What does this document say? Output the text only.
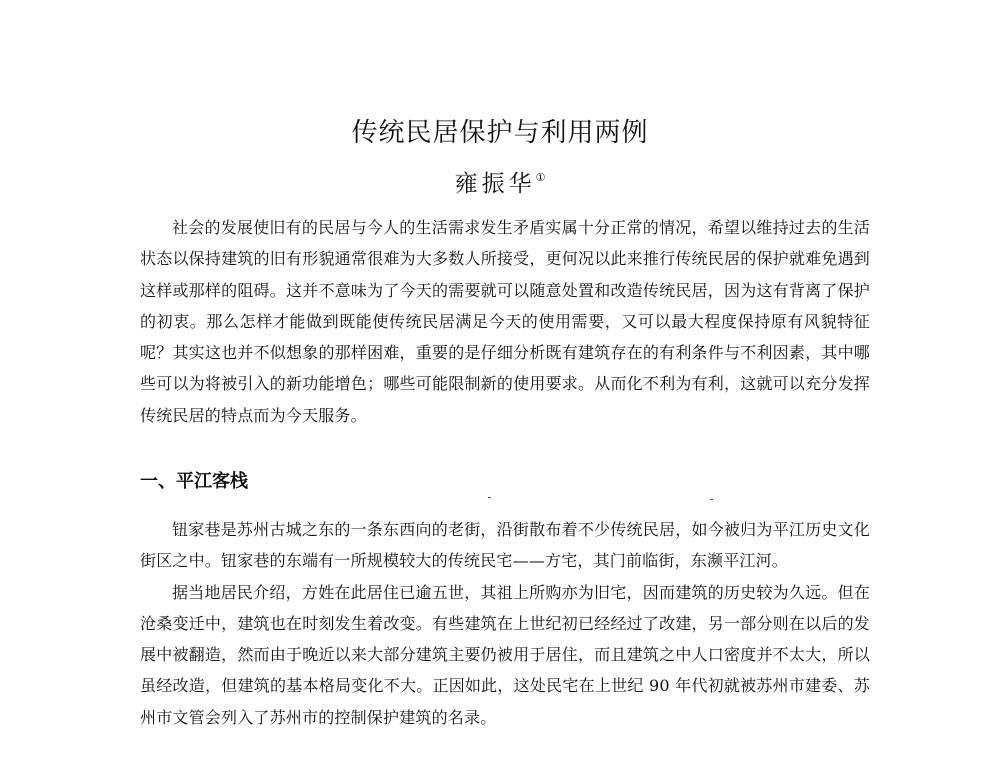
传统民居保护与利用两例
雍振华①

社会的发展使旧有的民居与今人的生活需求发生矛盾实属十分正常的情况，希望以维持过去的生活状态以保持建筑的旧有形貌通常很难为大多数人所接受，更何况以此来推行传统民居的保护就难免遇到这样或那样的阻碍。这并不意味为了今天的需要就可以随意处置和改造传统民居，因为这有背离了保护的初衷。那么怎样才能做到既能使传统民居满足今天的使用需要，又可以最大程度保持原有风貌特征呢？其实这也并不似想象的那样困难，重要的是仔细分析既有建筑存在的有利条件与不利因素，其中哪些可以为将被引入的新功能增色；哪些可能限制新的使用要求。从而化不利为有利，这就可以充分发挥传统民居的特点而为今天服务。

一、平江客栈

钮家巷是苏州古城之东的一条东西向的老街，沿街散布着不少传统民居，如今被归为平江历史文化街区之中。钮家巷的东端有一所规模较大的传统民宅——方宅，其门前临街，东濒平江河。

据当地居民介绍，方姓在此居住已逾五世，其祖上所购亦为旧宅，因而建筑的历史较为久远。但在沧桑变迁中，建筑也在时刻发生着改变。有些建筑在上世纪初已经经过了改建，另一部分则在以后的发展中被翻造，然而由于晚近以来大部分建筑主要仍被用于居住，而且建筑之中人口密度并不太大，所以虽经改造，但建筑的基本格局变化不大。正因如此，这处民宅在上世纪 90 年代初就被苏州市建委、苏州市文管会列入了苏州市的控制保护建筑的名录。
